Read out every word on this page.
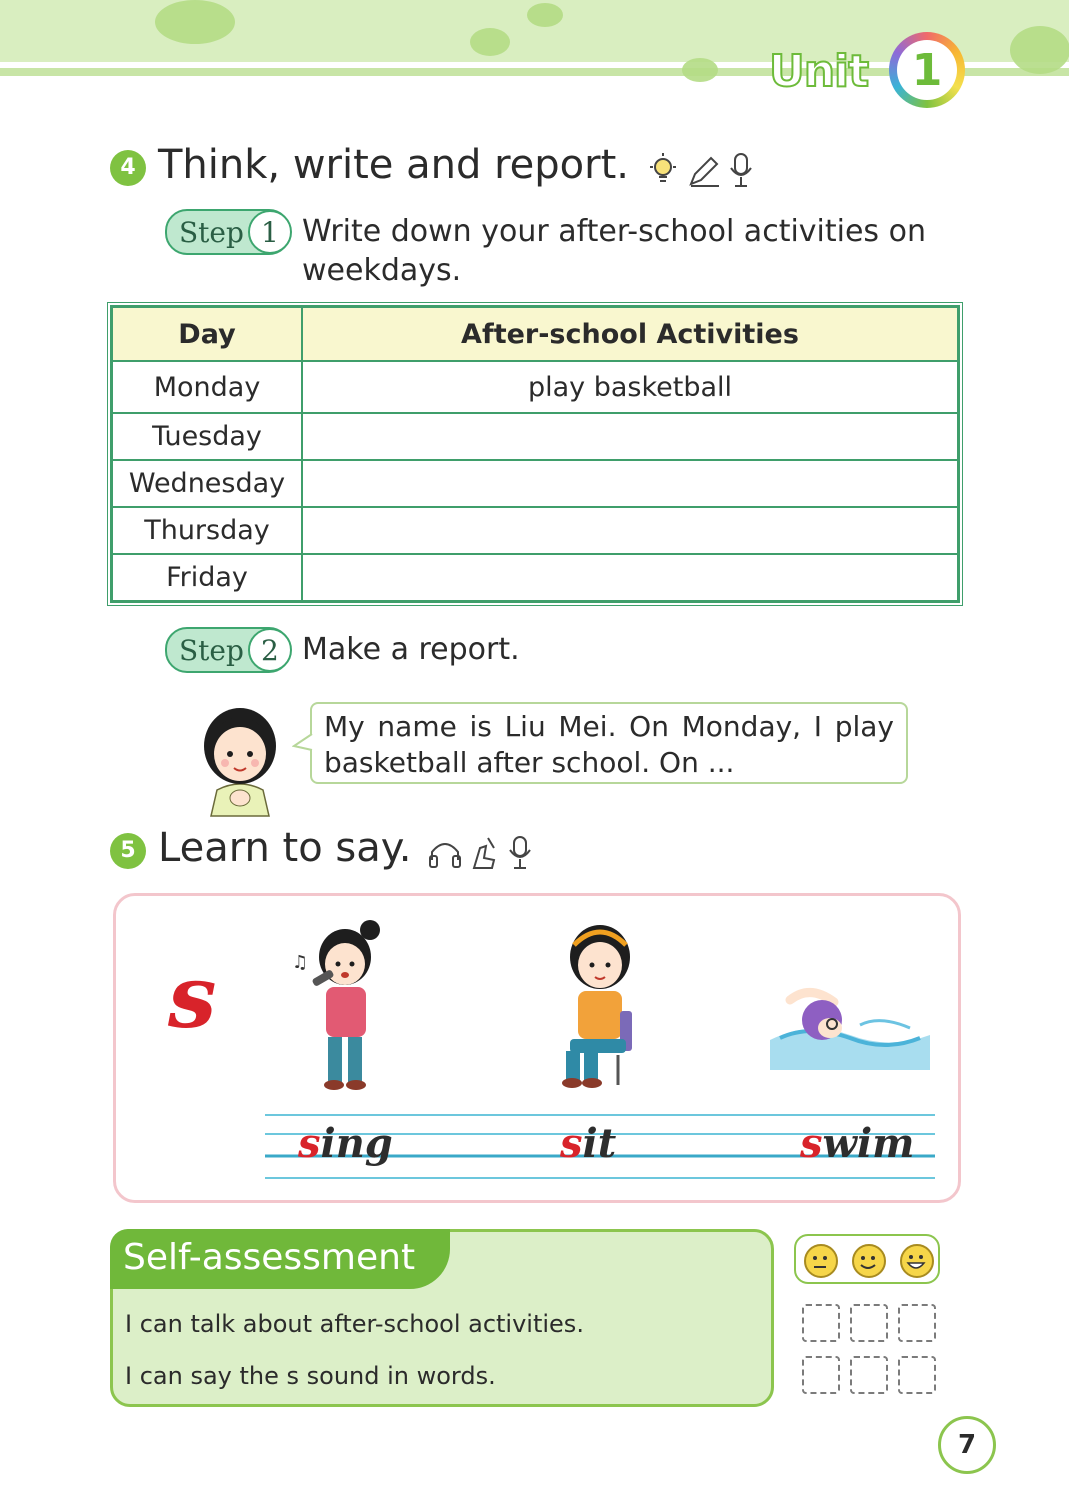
Unit 1
4 Think, write and report.
Step 1 Write down your after-school activities on
weekdays.
Day	After-school Activities
Monday	play basketball
Tuesday	
Wednesday	
Thursday	
Friday	
Step 2 Make a report.
My name is Liu Mei. On Monday, I play
basketball after school. On ...
5 Learn to say.
s	♫
sing	sit	swim
Self-assessment
I can talk about after-school activities.
I can say the s sound in words.
7
